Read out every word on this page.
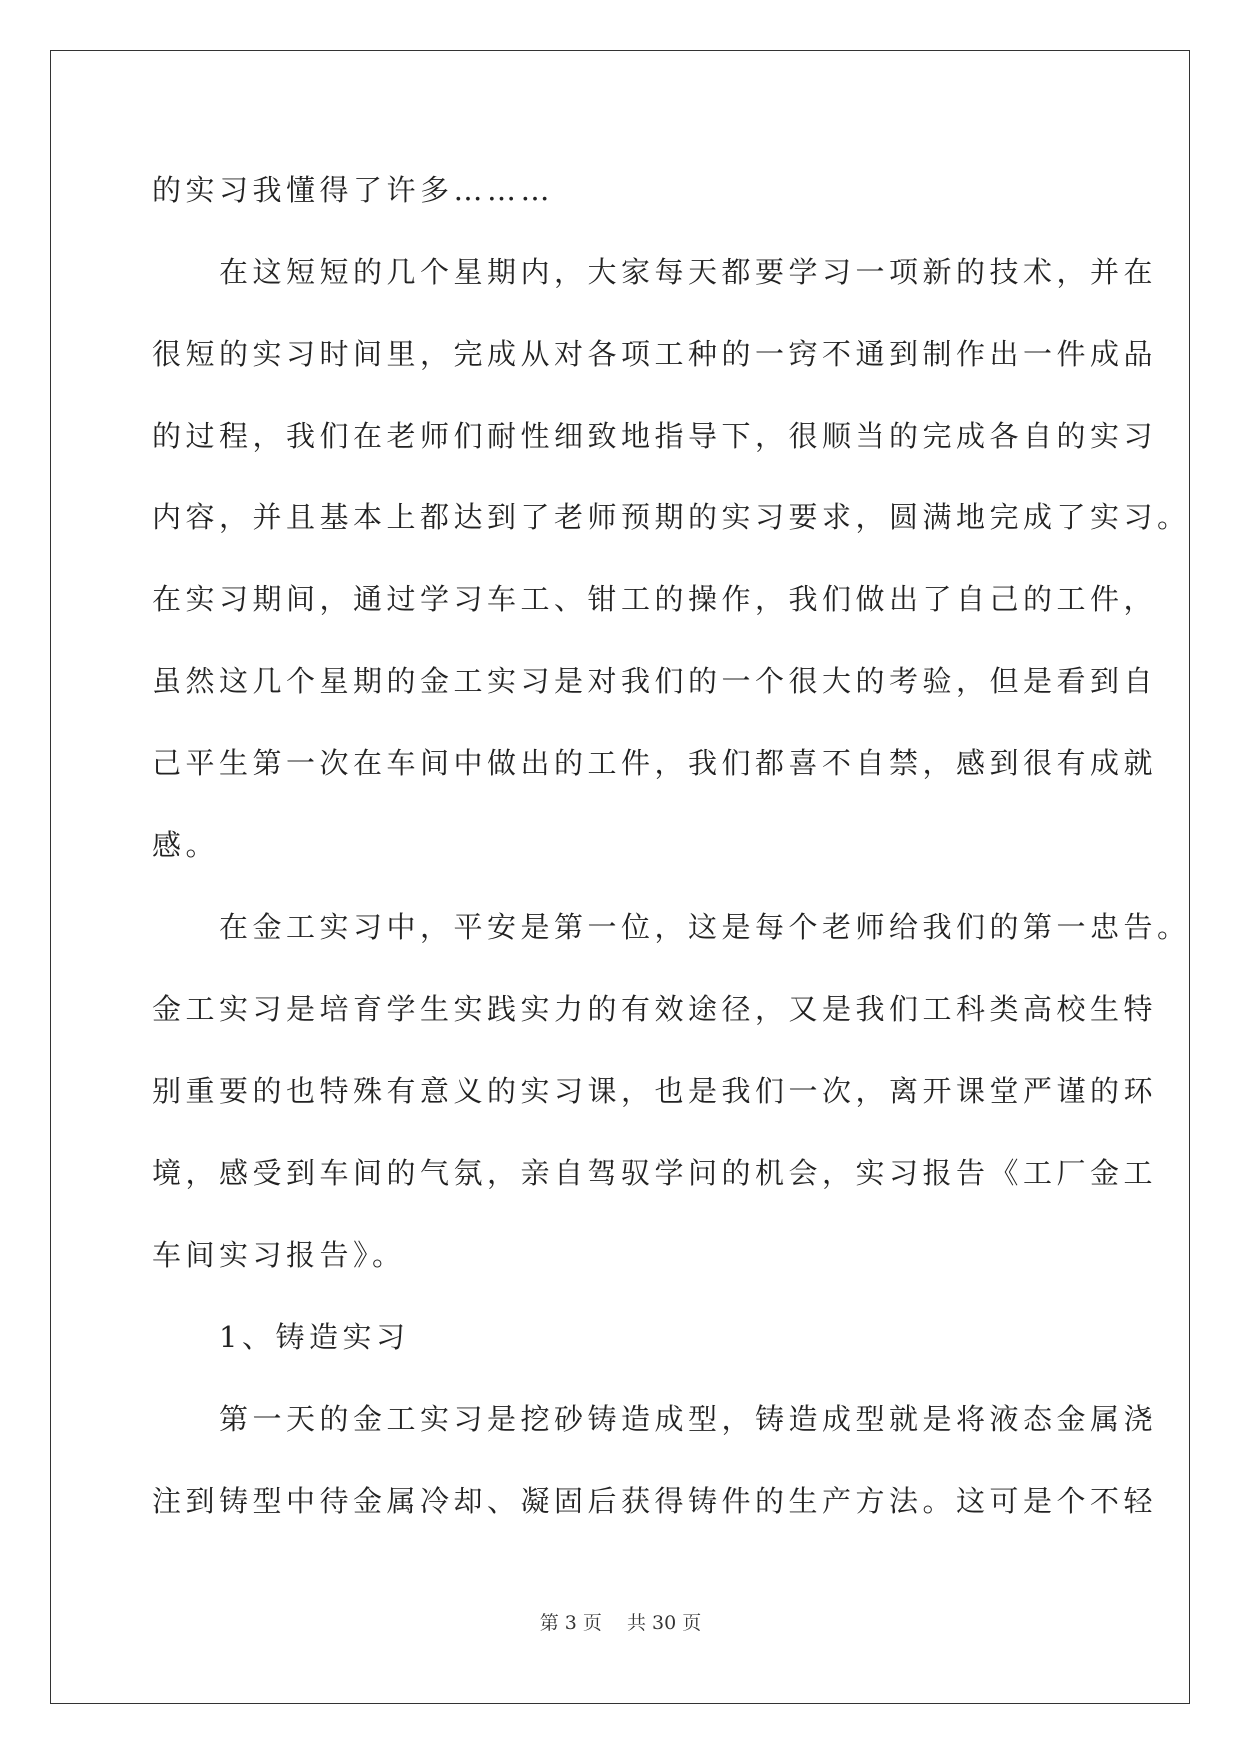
的实习我懂得了许多………

　　在这短短的几个星期内，大家每天都要学习一项新的技术，并在

很短的实习时间里，完成从对各项工种的一窍不通到制作出一件成品

的过程，我们在老师们耐性细致地指导下，很顺当的完成各自的实习

内容，并且基本上都达到了老师预期的实习要求，圆满地完成了实习。

在实习期间，通过学习车工、钳工的操作，我们做出了自己的工件，

虽然这几个星期的金工实习是对我们的一个很大的考验，但是看到自

己平生第一次在车间中做出的工件，我们都喜不自禁，感到很有成就

感。

　　在金工实习中，平安是第一位，这是每个老师给我们的第一忠告。

金工实习是培育学生实践实力的有效途径，又是我们工科类高校生特

别重要的也特殊有意义的实习课，也是我们一次，离开课堂严谨的环

境，感受到车间的气氛，亲自驾驭学问的机会，实习报告《工厂金工

车间实习报告》。

　　1、铸造实习

　　第一天的金工实习是挖砂铸造成型，铸造成型就是将液态金属浇

注到铸型中待金属冷却、凝固后获得铸件的生产方法。这可是个不轻

第 3 页　 共 30 页
